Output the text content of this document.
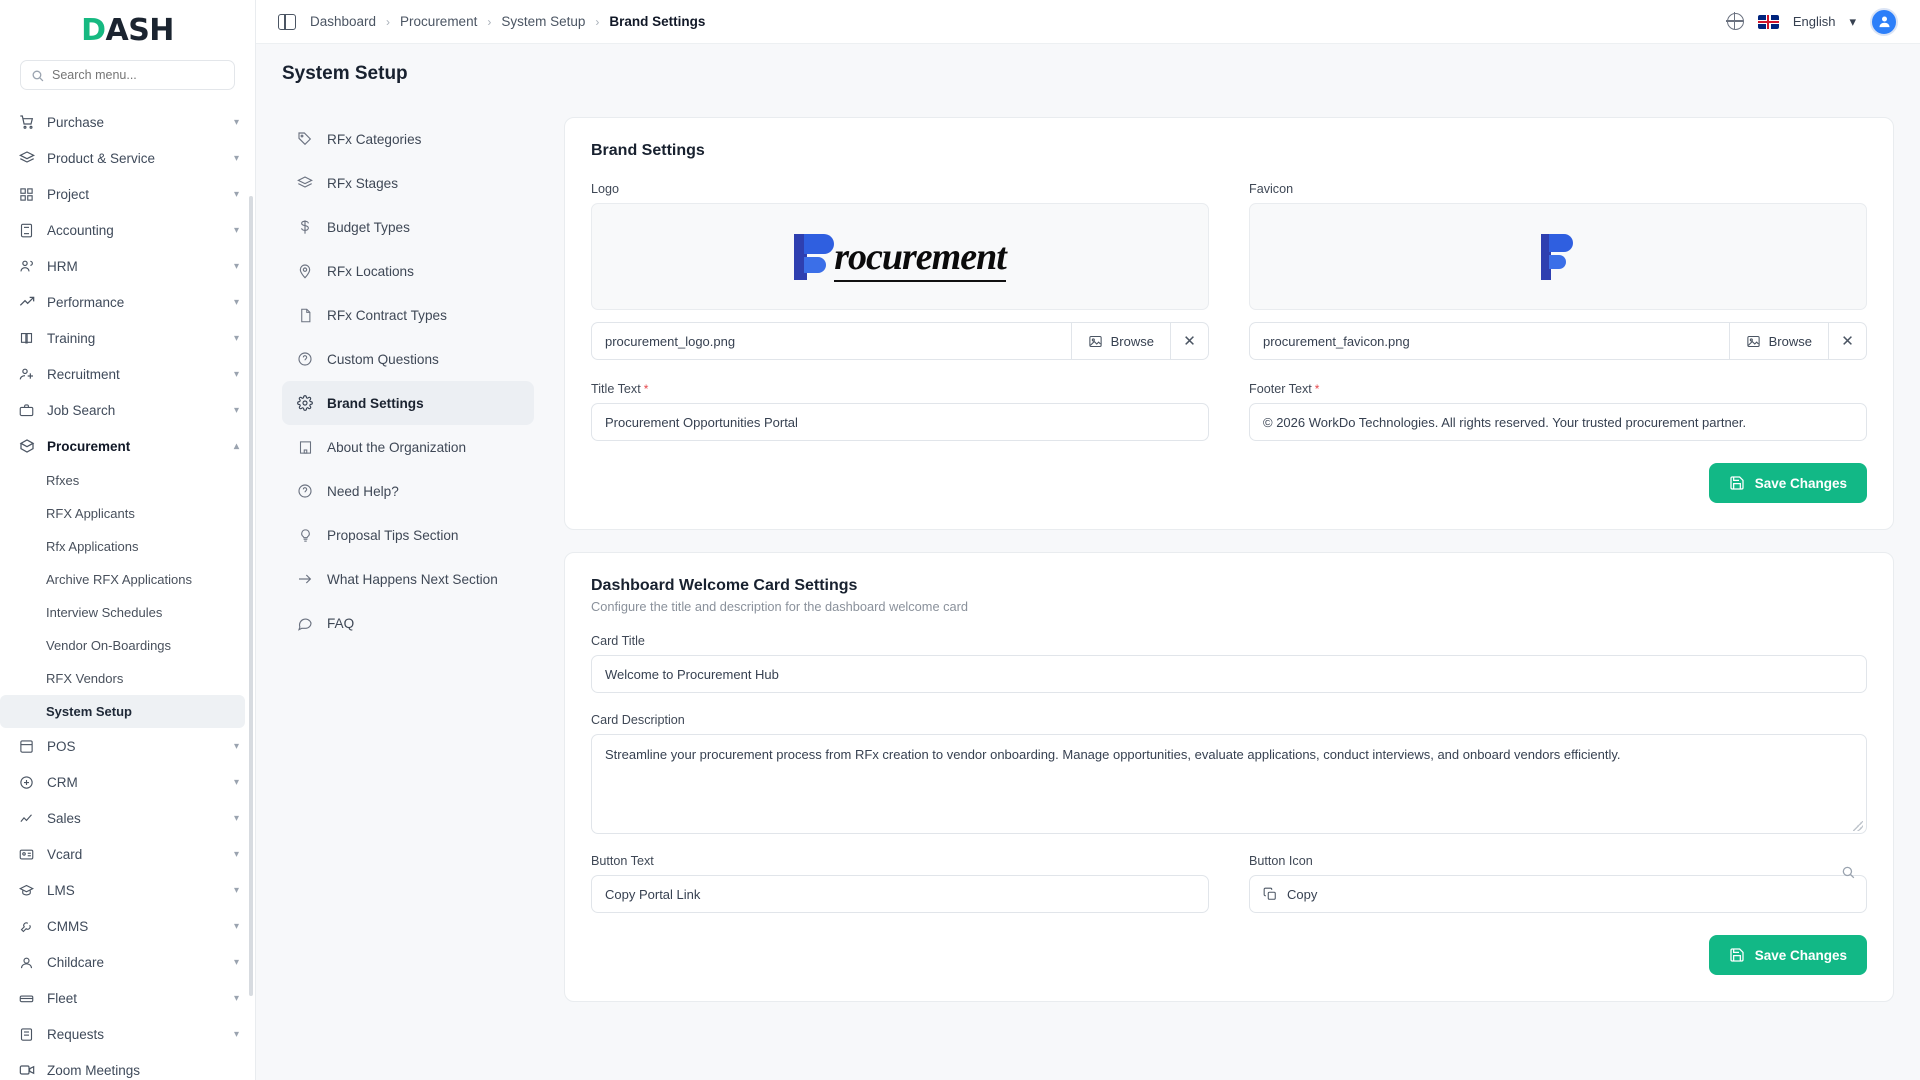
DASH
Search menu...
Purchase	▾
Product & Service	▾
Project	▾
Accounting	▾
HRM	▾
Performance	▾
Training	▾
Recruitment	▾
Job Search	▾
Procurement	▴
Rfxes
RFX Applicants
Rfx Applications
Archive RFX Applications
Interview Schedules
Vendor On-Boardings
RFX Vendors
System Setup
POS	▾
CRM	▾
Sales	▾
Vcard	▾
LMS	▾
CMMS	▾
Childcare	▾
Fleet	▾
Requests	▾
Zoom Meetings
Dashboard › Procurement › System Setup › Brand Settings	English ▾
System Setup
RFx Categories
RFx Stages
Budget Types
RFx Locations
RFx Contract Types
Custom Questions
Brand Settings
About the Organization
Need Help?
Proposal Tips Section
What Happens Next Section
FAQ
Brand Settings
Logo
rocurement
procurement_logo.png	Browse	✕
Favicon
procurement_favicon.png	Browse	✕
Title Text *
Procurement Opportunities Portal
Footer Text *
© 2026 WorkDo Technologies. All rights reserved. Your trusted procurement partner.
Save Changes
Dashboard Welcome Card Settings
Configure the title and description for the dashboard welcome card
Card Title
Welcome to Procurement Hub
Card Description
Streamline your procurement process from RFx creation to vendor onboarding. Manage opportunities, evaluate applications, conduct interviews, and onboard vendors efficiently.
Button Text
Copy Portal Link
Button Icon
Copy
Save Changes
